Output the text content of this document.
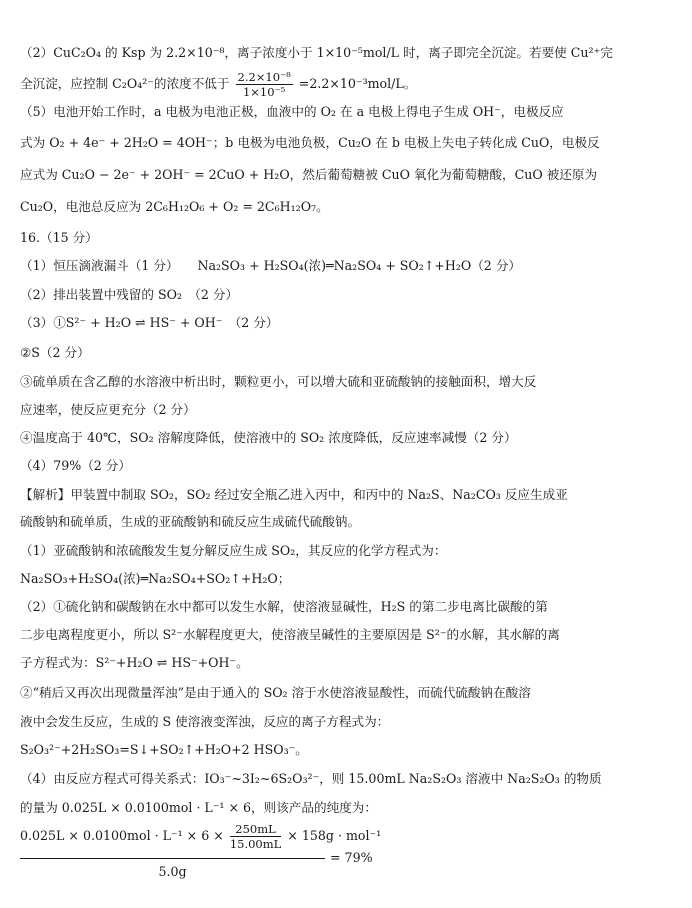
（2）CuC₂O₄ 的 Ksp 为 2.2×10⁻⁸，离子浓度小于 1×10⁻⁵mol/L 时，离子即完全沉淀。若要使 Cu²⁺完
全沉淀，应控制 C₂O₄²⁻的浓度不低于 $\frac{\text{2.2×10⁻⁸}}{\text{1×10⁻⁵}} =2.2\times 10^{-3}mol/L$。
（5）电池开始工作时，a 电极为电池正极，血液中的 O₂ 在 a 电极上得电子生成 OH⁻，电极反应
式为 O₂ + 4e⁻ + 2H₂O = 4OH⁻；b 电极为电池负极，Cu₂O 在 b 电极上失电子转化成 CuO，电极反
应式为 Cu₂O − 2e⁻ + 2OH⁻ = 2CuO + H₂O，然后葡萄糖被 CuO 氧化为葡萄糖酸，CuO 被还原为
Cu₂O，电池总反应为 2C₆H₁₂O₆ + O₂ = 2C₆H₁₂O₇。
16.（15 分）
（1）恒压滴液漏斗（1 分）　　Na₂SO₃ + H₂SO₄(浓)═Na₂SO₄ + SO₂↑+H₂O（2 分）
（2）排出装置中残留的 SO₂　（2 分）
（3）①S²⁻ + H₂O ⇌ HS⁻ + OH⁻　（2 分）
②S（2 分）
③硫单质在含乙醇的水溶液中析出时，颗粒更小，可以增大硫和亚硫酸钠的接触面积，增大反
应速率，使反应更充分（2 分）
④温度高于 40℃，SO₂ 溶解度降低，使溶液中的 SO₂ 浓度降低，反应速率减慢（2 分）
（4）79%（2 分）
【解析】甲装置中制取 SO₂，SO₂ 经过安全瓶乙进入丙中，和丙中的 Na₂S、Na₂CO₃ 反应生成亚
硫酸钠和硫单质，生成的亚硫酸钠和硫反应生成硫代硫酸钠。
（1）亚硫酸钠和浓硫酸发生复分解反应生成 SO₂，其反应的化学方程式为：
Na₂SO₃+H₂SO₄(浓)═Na₂SO₄+SO₂↑+H₂O；
（2）①硫化钠和碳酸钠在水中都可以发生水解，使溶液显碱性，H₂S 的第二步电离比碳酸的第
二步电离程度更小，所以 S²⁻水解程度更大，使溶液呈碱性的主要原因是 S²⁻的水解，其水解的离
子方程式为：S²⁻+H₂O ⇌ HS⁻+OH⁻。
②“稍后又再次出现微量浑浊”是由于通入的 SO₂ 溶于水使溶液显酸性，而硫代硫酸钠在酸溶
液中会发生反应，生成的 S 使溶液变浑浊，反应的离子方程式为：
S₂O₃²⁻+2H₂SO₃=S↓+SO₂↑+H₂O+2 HSO₃⁻。
（4）由反应方程式可得关系式：IO₃⁻~3I₂~6S₂O₃²⁻，则 15.00mL Na₂S₂O₃ 溶液中 Na₂S₂O₃ 的物质
的量为 0.025L × 0.0100mol · L⁻¹ × 6，则该产品的纯度为：
$0.025L \times 0.0100mol \cdot L^{-1} \times 6 \times \frac{250mL}{15.00mL} \times 158g \cdot mol^{-1}$
5.0g
= 79%
